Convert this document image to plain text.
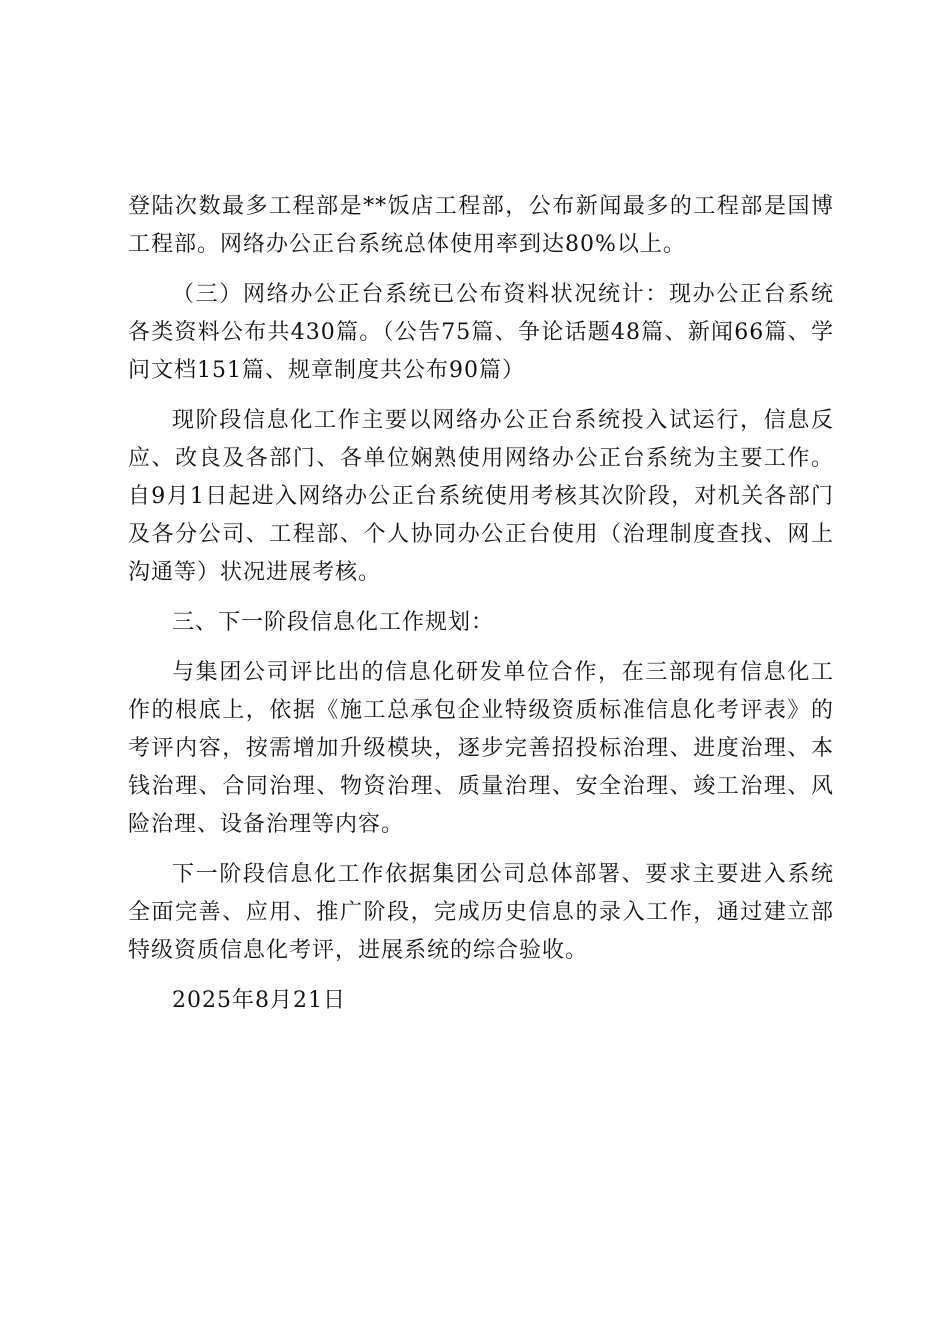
登陆次数最多工程部是**饭店工程部，公布新闻最多的工程部是国博工程部。网络办公正台系统总体使用率到达80%以上。

（三）网络办公正台系统已公布资料状况统计：现办公正台系统各类资料公布共430篇。（公告75篇、争论话题48篇、新闻66篇、学问文档151篇、规章制度共公布90篇）

现阶段信息化工作主要以网络办公正台系统投入试运行，信息反应、改良及各部门、各单位娴熟使用网络办公正台系统为主要工作。自9月1日起进入网络办公正台系统使用考核其次阶段，对机关各部门及各分公司、工程部、个人协同办公正台使用（治理制度查找、网上沟通等）状况进展考核。

三、下一阶段信息化工作规划：

与集团公司评比出的信息化研发单位合作，在三部现有信息化工作的根底上，依据《施工总承包企业特级资质标准信息化考评表》的考评内容，按需增加升级模块，逐步完善招投标治理、进度治理、本钱治理、合同治理、物资治理、质量治理、安全治理、竣工治理、风险治理、设备治理等内容。

下一阶段信息化工作依据集团公司总体部署、要求主要进入系统全面完善、应用、推广阶段，完成历史信息的录入工作，通过建立部特级资质信息化考评，进展系统的综合验收。

2025年8月21日
